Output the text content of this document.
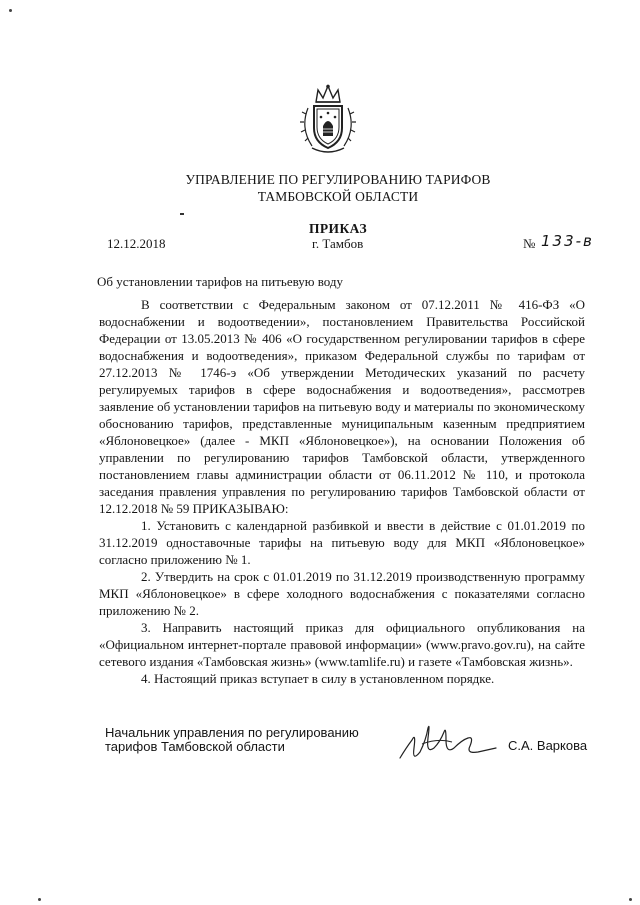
УПРАВЛЕНИЕ ПО РЕГУЛИРОВАНИЮ ТАРИФОВ
ТАМБОВСКОЙ ОБЛАСТИ
ПРИКАЗ
12.12.2018	г. Тамбов	№ 133-в
Об установлении тарифов на питьевую воду

В соответствии с Федеральным законом от 07.12.2011 № 416-ФЗ «О водоснабжении и водоотведении», постановлением Правительства Российской Федерации от 13.05.2013 № 406 «О государственном регулировании тарифов в сфере водоснабжения и водоотведения», приказом Федеральной службы по тарифам от 27.12.2013 № 1746-э «Об утверждении Методических указаний по расчету регулируемых тарифов в сфере водоснабжения и водоотведения», рассмотрев заявление об установлении тарифов на питьевую воду и материалы по экономическому обоснованию тарифов, представленные муниципальным казенным предприятием «Яблоновецкое» (далее - МКП «Яблоновецкое»), на основании Положения об управлении по регулированию тарифов Тамбовской области, утвержденного постановлением главы администрации области от 06.11.2012 № 110, и протокола заседания правления управления по регулированию тарифов Тамбовской области от 12.12.2018 № 59 ПРИКАЗЫВАЮ:

1. Установить с календарной разбивкой и ввести в действие с 01.01.2019 по 31.12.2019 одноставочные тарифы на питьевую воду для МКП «Яблоновецкое» согласно приложению № 1.

2. Утвердить на срок с 01.01.2019 по 31.12.2019 производственную программу МКП «Яблоновецкое» в сфере холодного водоснабжения с показателями согласно приложению № 2.

3. Направить настоящий приказ для официального опубликования на «Официальном интернет-портале правовой информации» (www.pravo.gov.ru), на сайте сетевого издания «Тамбовская жизнь» (www.tamlife.ru) и газете «Тамбовская жизнь».

4. Настоящий приказ вступает в силу в установленном порядке.

Начальник управления по регулированию
тарифов Тамбовской области	С.А. Варкова
